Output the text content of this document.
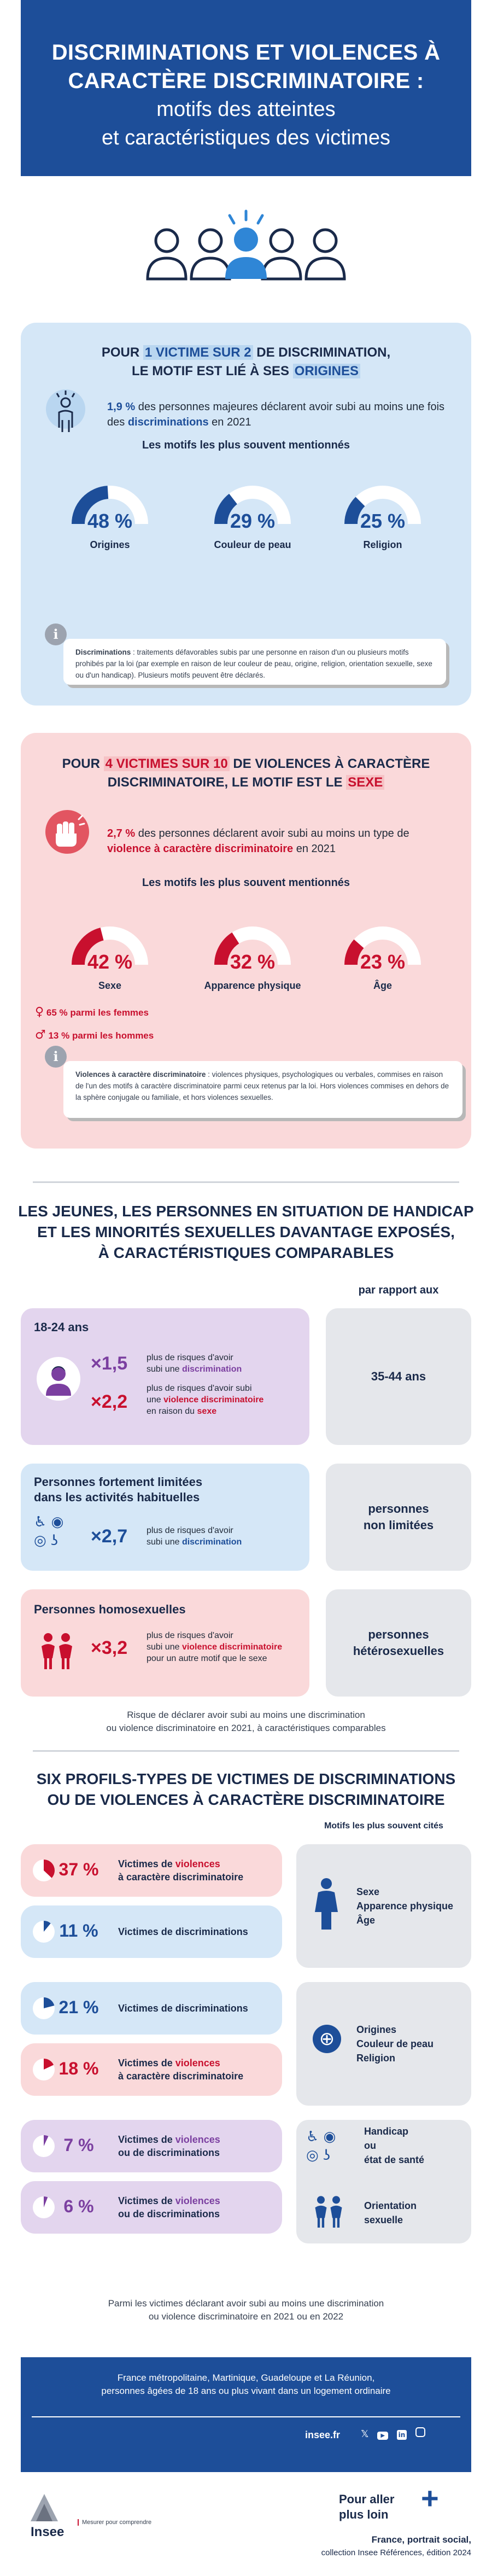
DISCRIMINATIONS ET VIOLENCES À
CARACTÈRE DISCRIMINATOIRE :
motifs des atteintes
et caractéristiques des victimes
POUR 1 VICTIME SUR 2 DE DISCRIMINATION,
LE MOTIF EST LIÉ À SES ORIGINES
1,9 % des personnes majeures déclarent avoir subi au moins une fois des discriminations en 2021
Les motifs les plus souvent mentionnés
48 %
Origines
29 %
Couleur de peau
25 %
Religion
Discriminations : traitements défavorables subis par une personne en raison d'un ou plusieurs motifs prohibés par la loi (par exemple en raison de leur couleur de peau, origine, religion, orientation sexuelle, sexe ou d'un handicap). Plusieurs motifs peuvent être déclarés.
i
POUR 4 VICTIMES SUR 10 DE VIOLENCES À CARACTÈRE
DISCRIMINATOIRE, LE MOTIF EST LE SEXE
2,7 % des personnes déclarent avoir subi au moins un type de violence à caractère discriminatoire en 2021
Les motifs les plus souvent mentionnés
42 %
Sexe
32 %
Apparence physique
23 %
Âge
♀ 65 % parmi les femmes
♂ 13 % parmi les hommes
Violences à caractère discriminatoire : violences physiques, psychologiques ou verbales, commises en raison de l'un des motifs à caractère discriminatoire parmi ceux retenus par la loi. Hors violences commises en dehors de la sphère conjugale ou familiale, et hors violences sexuelles.
i
LES JEUNES, LES PERSONNES EN SITUATION DE HANDICAP
ET LES MINORITÉS SEXUELLES DAVANTAGE EXPOSÉS,
À CARACTÉRISTIQUES COMPARABLES
par rapport aux
18-24 ans
×1,5 plus de risques d'avoir
subi une discrimination
×2,2
plus de risques d'avoir subi
une violence discriminatoire
en raison du sexe
35-44 ans
Personnes fortement limitées
dans les activités habituelles
♿ ◉
◎ ʖ	×2,7 plus de risques d'avoir
subi une discrimination
personnes
non limitées
Personnes homosexuelles
×3,2
plus de risques d'avoir
subi une violence discriminatoire
pour un autre motif que le sexe
personnes
hétérosexuelles
Risque de déclarer avoir subi au moins une discrimination
ou violence discriminatoire en 2021, à caractéristiques comparables
SIX PROFILS-TYPES DE VICTIMES DE DISCRIMINATIONS
OU DE VIOLENCES À CARACTÈRE DISCRIMINATOIRE
Motifs les plus souvent cités
Sexe
Apparence physique
Âge
⊕	Origines
Couleur de peau
Religion
♿ ◉
◎ ʖ
Handicap
ou
état de santé
Orientation
sexuelle
37 %	Victimes de violences
à caractère discriminatoire
11 %	Victimes de discriminations
21 %	Victimes de discriminations
18 %	Victimes de violences
à caractère discriminatoire
7 %	Victimes de violences
ou de discriminations
6 %	Victimes de violences
ou de discriminations
Parmi les victimes déclarant avoir subi au moins une discrimination
ou violence discriminatoire en 2021 ou en 2022
France métropolitaine, Martinique, Guadeloupe et La Réunion,
personnes âgées de 18 ans ou plus vivant dans un logement ordinaire
insee.fr 𝕏 ▶ in
Insee
Mesurer pour comprendre
Pour aller
plus loin +
France, portrait social,
collection Insee Références, édition 2024
